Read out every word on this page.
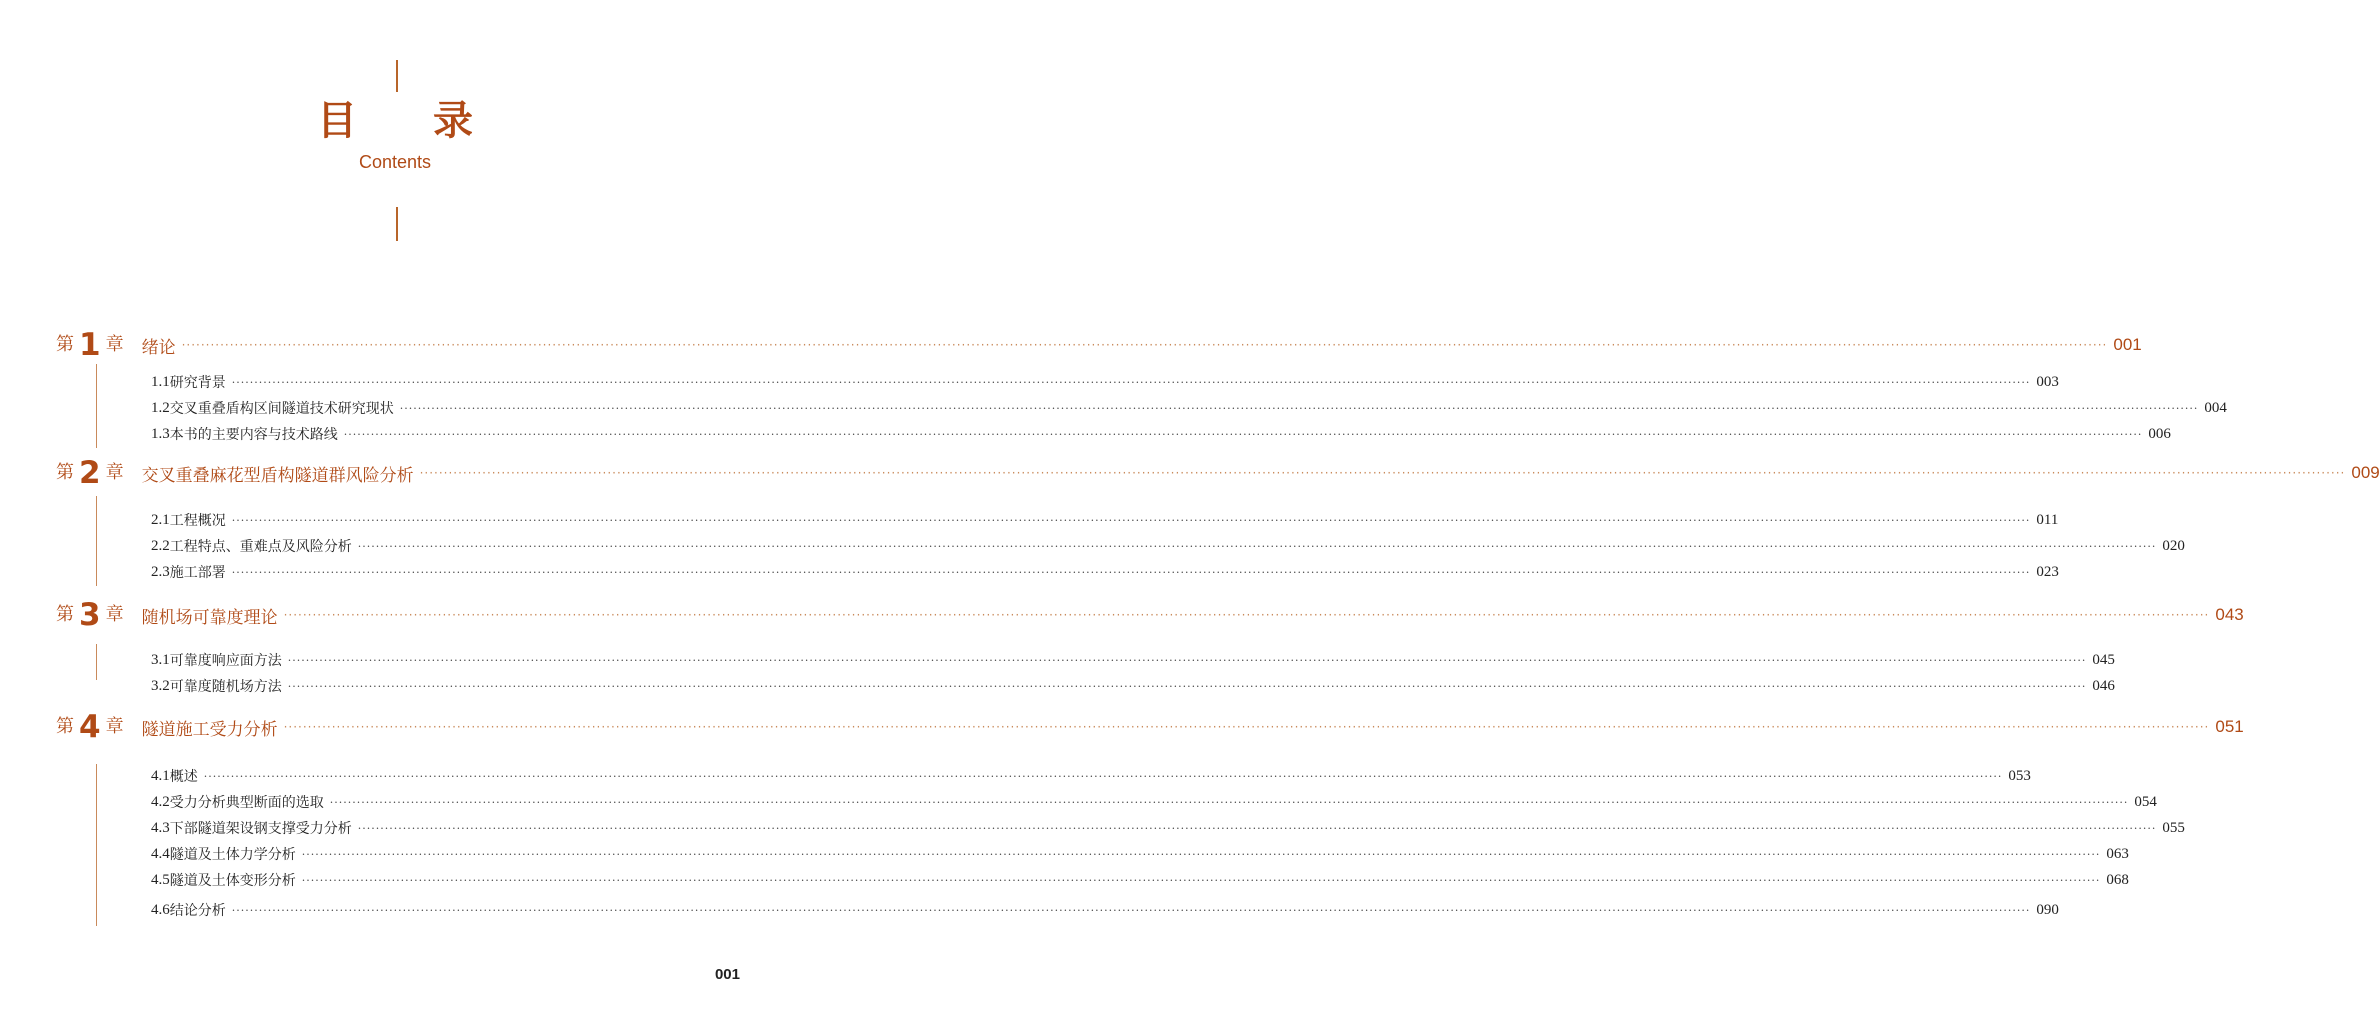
目录
Contents
第 1 章 绪论 ················································································································································································································································································································································································································ 001
1.1 研究背景 ················································································································································································································································································································································································································ 003
1.2 交叉重叠盾构区间隧道技术研究现状 ················································································································································································································································································································································································································ 004
1.3 本书的主要内容与技术路线 ················································································································································································································································································································································································································ 006
第 2 章 交叉重叠麻花型盾构隧道群风险分析 ················································································································································································································································································································································································································ 009
2.1 工程概况 ················································································································································································································································································································································································································ 011
2.2 工程特点、重难点及风险分析 ················································································································································································································································································································································································································ 020
2.3 施工部署 ················································································································································································································································································································································································································ 023
第 3 章 随机场可靠度理论 ················································································································································································································································································································································································································ 043
3.1 可靠度响应面方法 ················································································································································································································································································································································································································ 045
3.2 可靠度随机场方法 ················································································································································································································································································································································································································ 046
第 4 章 隧道施工受力分析 ················································································································································································································································································································································································································ 051
4.1 概述 ················································································································································································································································································································································································································ 053
4.2 受力分析典型断面的选取 ················································································································································································································································································································································································································ 054
4.3 下部隧道架设钢支撑受力分析 ················································································································································································································································································································································································································ 055
4.4 隧道及土体力学分析 ················································································································································································································································································································································································································ 063
4.5 隧道及土体变形分析 ················································································································································································································································································································································································································ 068
4.6 结论分析 ················································································································································································································································································································································································································ 090
001
